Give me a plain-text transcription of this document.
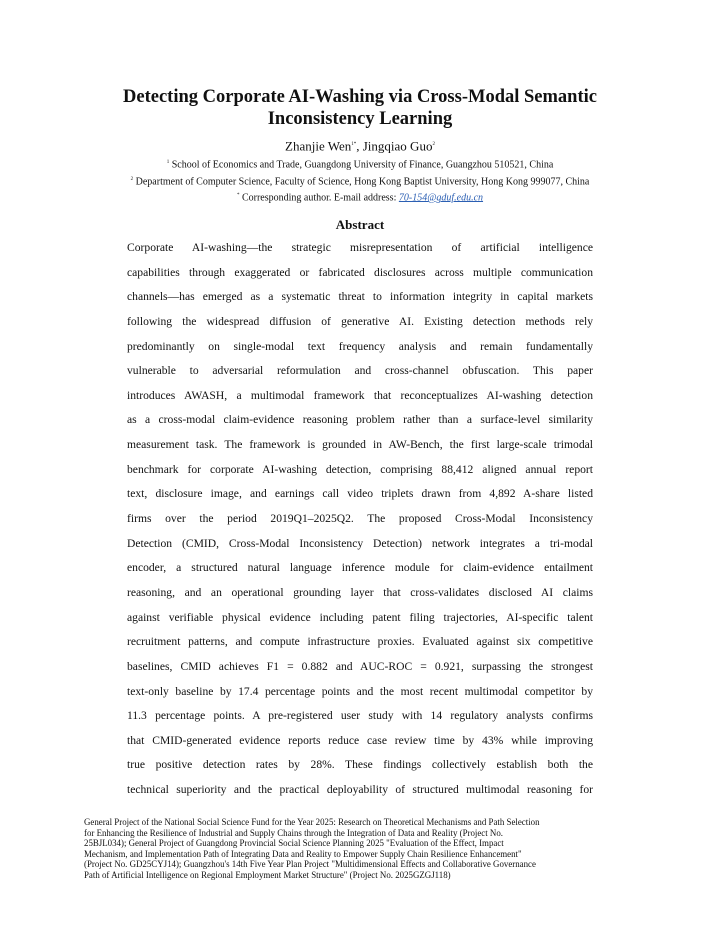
Detecting Corporate AI-Washing via Cross-Modal Semantic
Inconsistency Learning

Zhanjie Wen$^{1*}$, Jingqiao Guo$^2$

$^1$ School of Economics and Trade, Guangdong University of Finance, Guangzhou 510521, China

$^2$ Department of Computer Science, Faculty of Science, Hong Kong Baptist University, Hong Kong 999077, China

* Corresponding author. E-mail address: 70-154@gduf.edu.cn

Abstract
Corporate AI-washing—the strategic misrepresentation of artificial intelligence
capabilities through exaggerated or fabricated disclosures across multiple communication
channels—has emerged as a systematic threat to information integrity in capital markets
following the widespread diffusion of generative AI. Existing detection methods rely
predominantly on single-modal text frequency analysis and remain fundamentally
vulnerable to adversarial reformulation and cross-channel obfuscation. This paper
introduces AWASH, a multimodal framework that reconceptualizes AI-washing detection
as a cross-modal claim-evidence reasoning problem rather than a surface-level similarity
measurement task. The framework is grounded in AW-Bench, the first large-scale trimodal
benchmark for corporate AI-washing detection, comprising 88,412 aligned annual report
text, disclosure image, and earnings call video triplets drawn from 4,892 A-share listed
firms over the period 2019Q1–2025Q2. The proposed Cross-Modal Inconsistency
Detection (CMID, Cross-Modal Inconsistency Detection) network integrates a tri-modal
encoder, a structured natural language inference module for claim-evidence entailment
reasoning, and an operational grounding layer that cross-validates disclosed AI claims
against verifiable physical evidence including patent filing trajectories, AI-specific talent
recruitment patterns, and compute infrastructure proxies. Evaluated against six competitive
baselines, CMID achieves F1 = 0.882 and AUC-ROC = 0.921, surpassing the strongest
text-only baseline by 17.4 percentage points and the most recent multimodal competitor by
11.3 percentage points. A pre-registered user study with 14 regulatory analysts confirms
that CMID-generated evidence reports reduce case review time by 43% while improving
true positive detection rates by 28%. These findings collectively establish both the
technical superiority and the practical deployability of structured multimodal reasoning for
General Project of the National Social Science Fund for the Year 2025: Research on Theoretical Mechanisms and Path Selection
for Enhancing the Resilience of Industrial and Supply Chains through the Integration of Data and Reality (Project No.
25BJL034); General Project of Guangdong Provincial Social Science Planning 2025 "Evaluation of the Effect, Impact
Mechanism, and Implementation Path of Integrating Data and Reality to Empower Supply Chain Resilience Enhancement"
(Project No. GD25CYJ14); Guangzhou's 14th Five Year Plan Project "Multidimensional Effects and Collaborative Governance
Path of Artificial Intelligence on Regional Employment Market Structure" (Project No. 2025GZGJ118)
